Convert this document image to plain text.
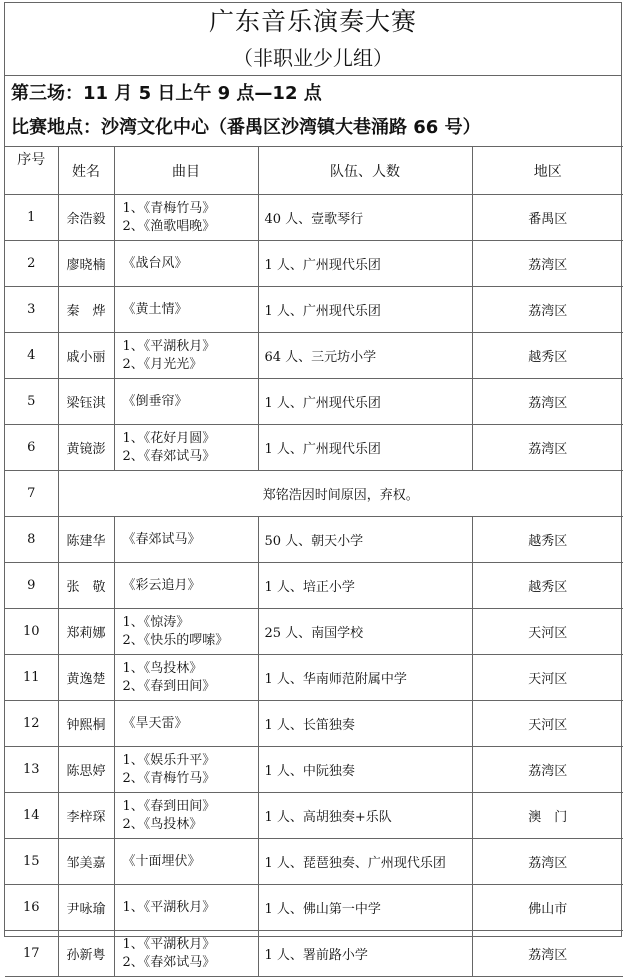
广东音乐演奏大赛
（非职业少儿组）
第三场：11 月 5 日上午 9 点—12 点
比赛地点：沙湾文化中心（番禺区沙湾镇大巷涌路 66 号）
序号	姓名	曲目	队伍、人数	地区
1	余浩毅	1、《青梅竹马》
2、《渔歌唱晚》	40 人、壹歌琴行	番禺区
2	廖晓楠	《战台风》	1 人、广州现代乐团	荔湾区
3	秦　烨	《黄土情》	1 人、广州现代乐团	荔湾区
4	戚小丽	1、《平湖秋月》
2、《月光光》	64 人、三元坊小学	越秀区
5	梁钰淇	《倒垂帘》	1 人、广州现代乐团	荔湾区
6	黄镜澎	1、《花好月圆》
2、《春郊试马》	1 人、广州现代乐团	荔湾区
7	郑铭浩因时间原因，弃权。			
8	陈建华	《春郊试马》	50 人、朝天小学	越秀区
9	张　敬	《彩云追月》	1 人、培正小学	越秀区
10	郑莉娜	1、《惊涛》
2、《快乐的啰嗦》	25 人、南国学校	天河区
11	黄逸楚	1、《鸟投林》
2、《春到田间》	1 人、华南师范附属中学	天河区
12	钟熙桐	《旱天雷》	1 人、长笛独奏	天河区
13	陈思婷	1、《娱乐升平》
2、《青梅竹马》	1 人、中阮独奏	荔湾区
14	李梓琛	1、《春到田间》
2、《鸟投林》	1 人、高胡独奏+乐队	澳　门
15	邹美嘉	《十面埋伏》	1 人、琵琶独奏、广州现代乐团	荔湾区
16	尹咏瑜	1、《平湖秋月》	1 人、佛山第一中学	佛山市
17	孙新粤	1、《平湖秋月》
2、《春郊试马》	1 人、署前路小学	荔湾区
